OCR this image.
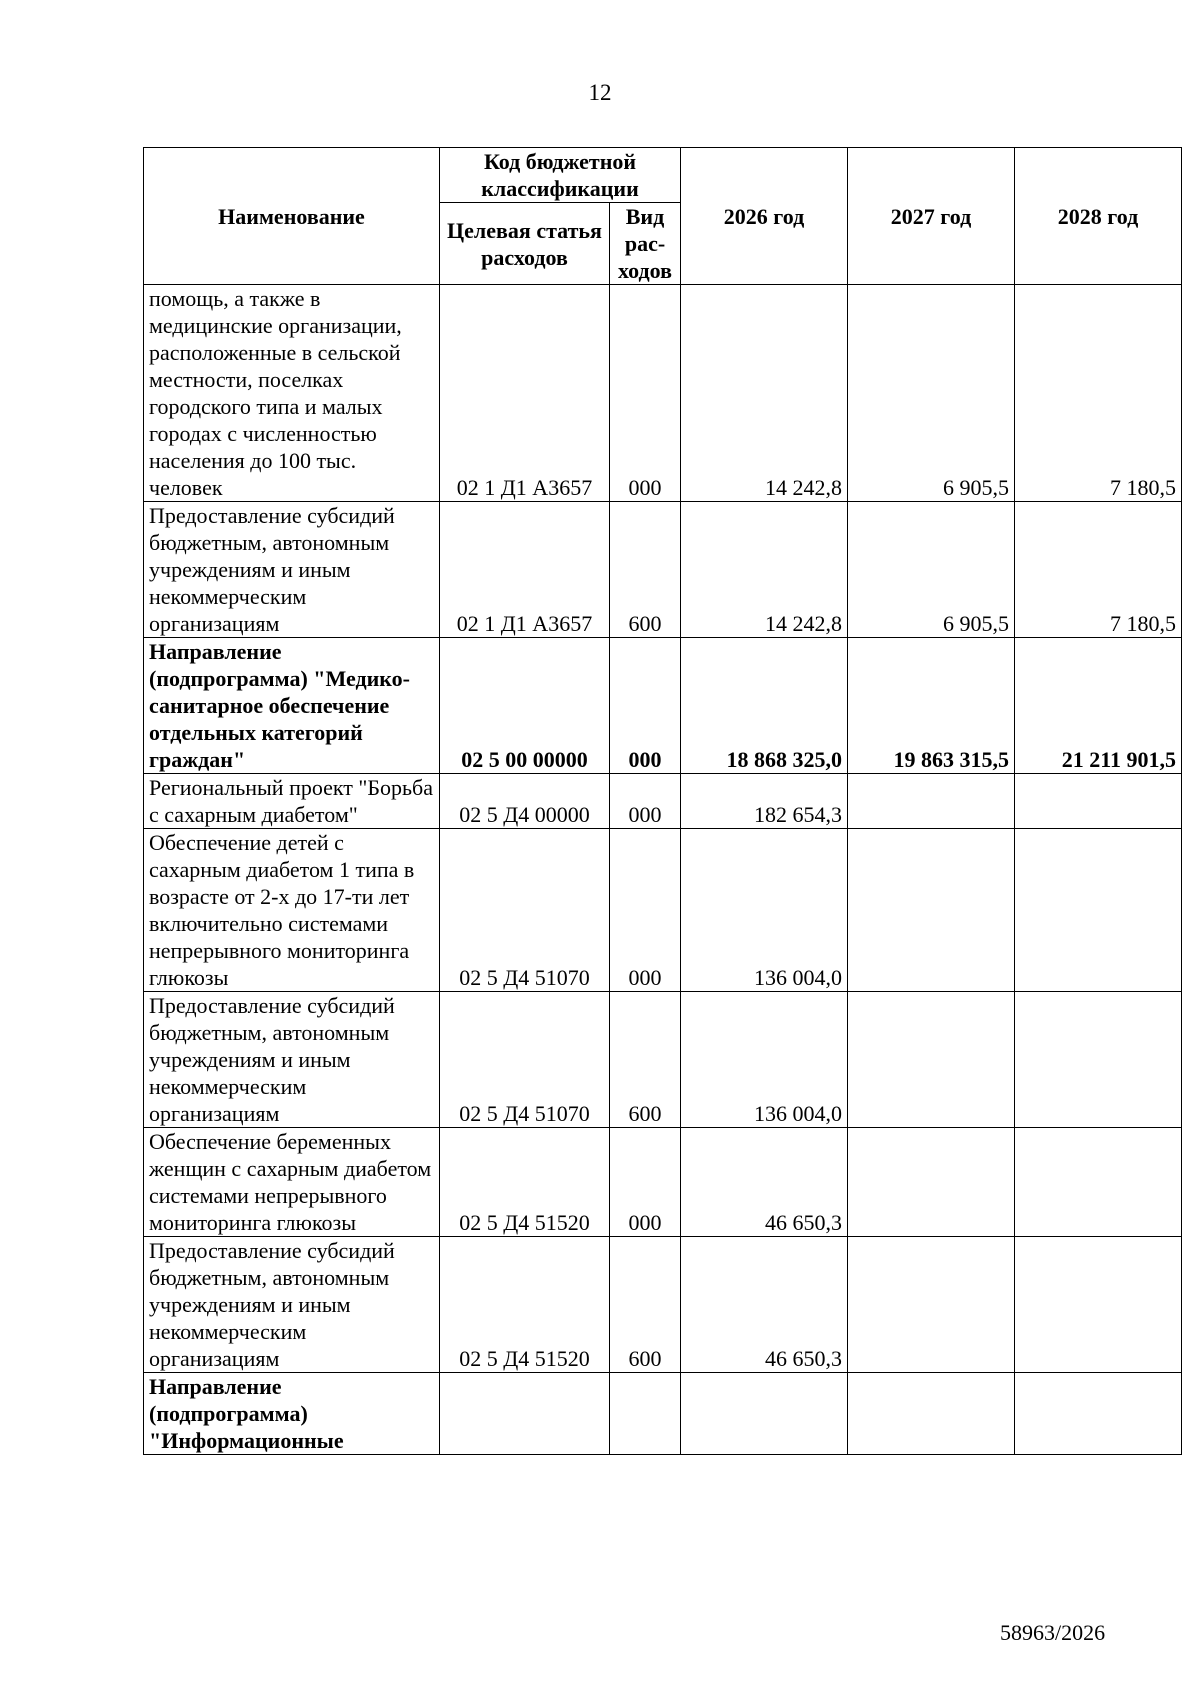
12
Наименование	Код бюджетной классификации		2026 год	2027 год	2028 год
	Целевая статья расходов	Вид рас-ходов			
помощь, а также в медицинские организации, расположенные в сельской местности, поселках городского типа и малых городах с численностью населения до 100 тыс. человек	02 1 Д1 А3657	000	14 242,8	6 905,5	7 180,5
Предоставление субсидий бюджетным, автономным учреждениям и иным некоммерческим организациям	02 1 Д1 А3657	600	14 242,8	6 905,5	7 180,5
Направление (подпрограмма) "Медико-санитарное обеспечение отдельных категорий граждан"	02 5 00 00000	000	18 868 325,0	19 863 315,5	21 211 901,5
Региональный проект "Борьба с сахарным диабетом"	02 5 Д4 00000	000	182 654,3		
Обеспечение детей с сахарным диабетом 1 типа в возрасте от 2-х до 17-ти лет включительно системами непрерывного мониторинга глюкозы	02 5 Д4 51070	000	136 004,0		
Предоставление субсидий бюджетным, автономным учреждениям и иным некоммерческим организациям	02 5 Д4 51070	600	136 004,0		
Обеспечение беременных женщин с сахарным диабетом системами непрерывного мониторинга глюкозы	02 5 Д4 51520	000	46 650,3		
Предоставление субсидий бюджетным, автономным учреждениям и иным некоммерческим организациям	02 5 Д4 51520	600	46 650,3		
Направление (подпрограмма) "Информационные					
58963/2026
